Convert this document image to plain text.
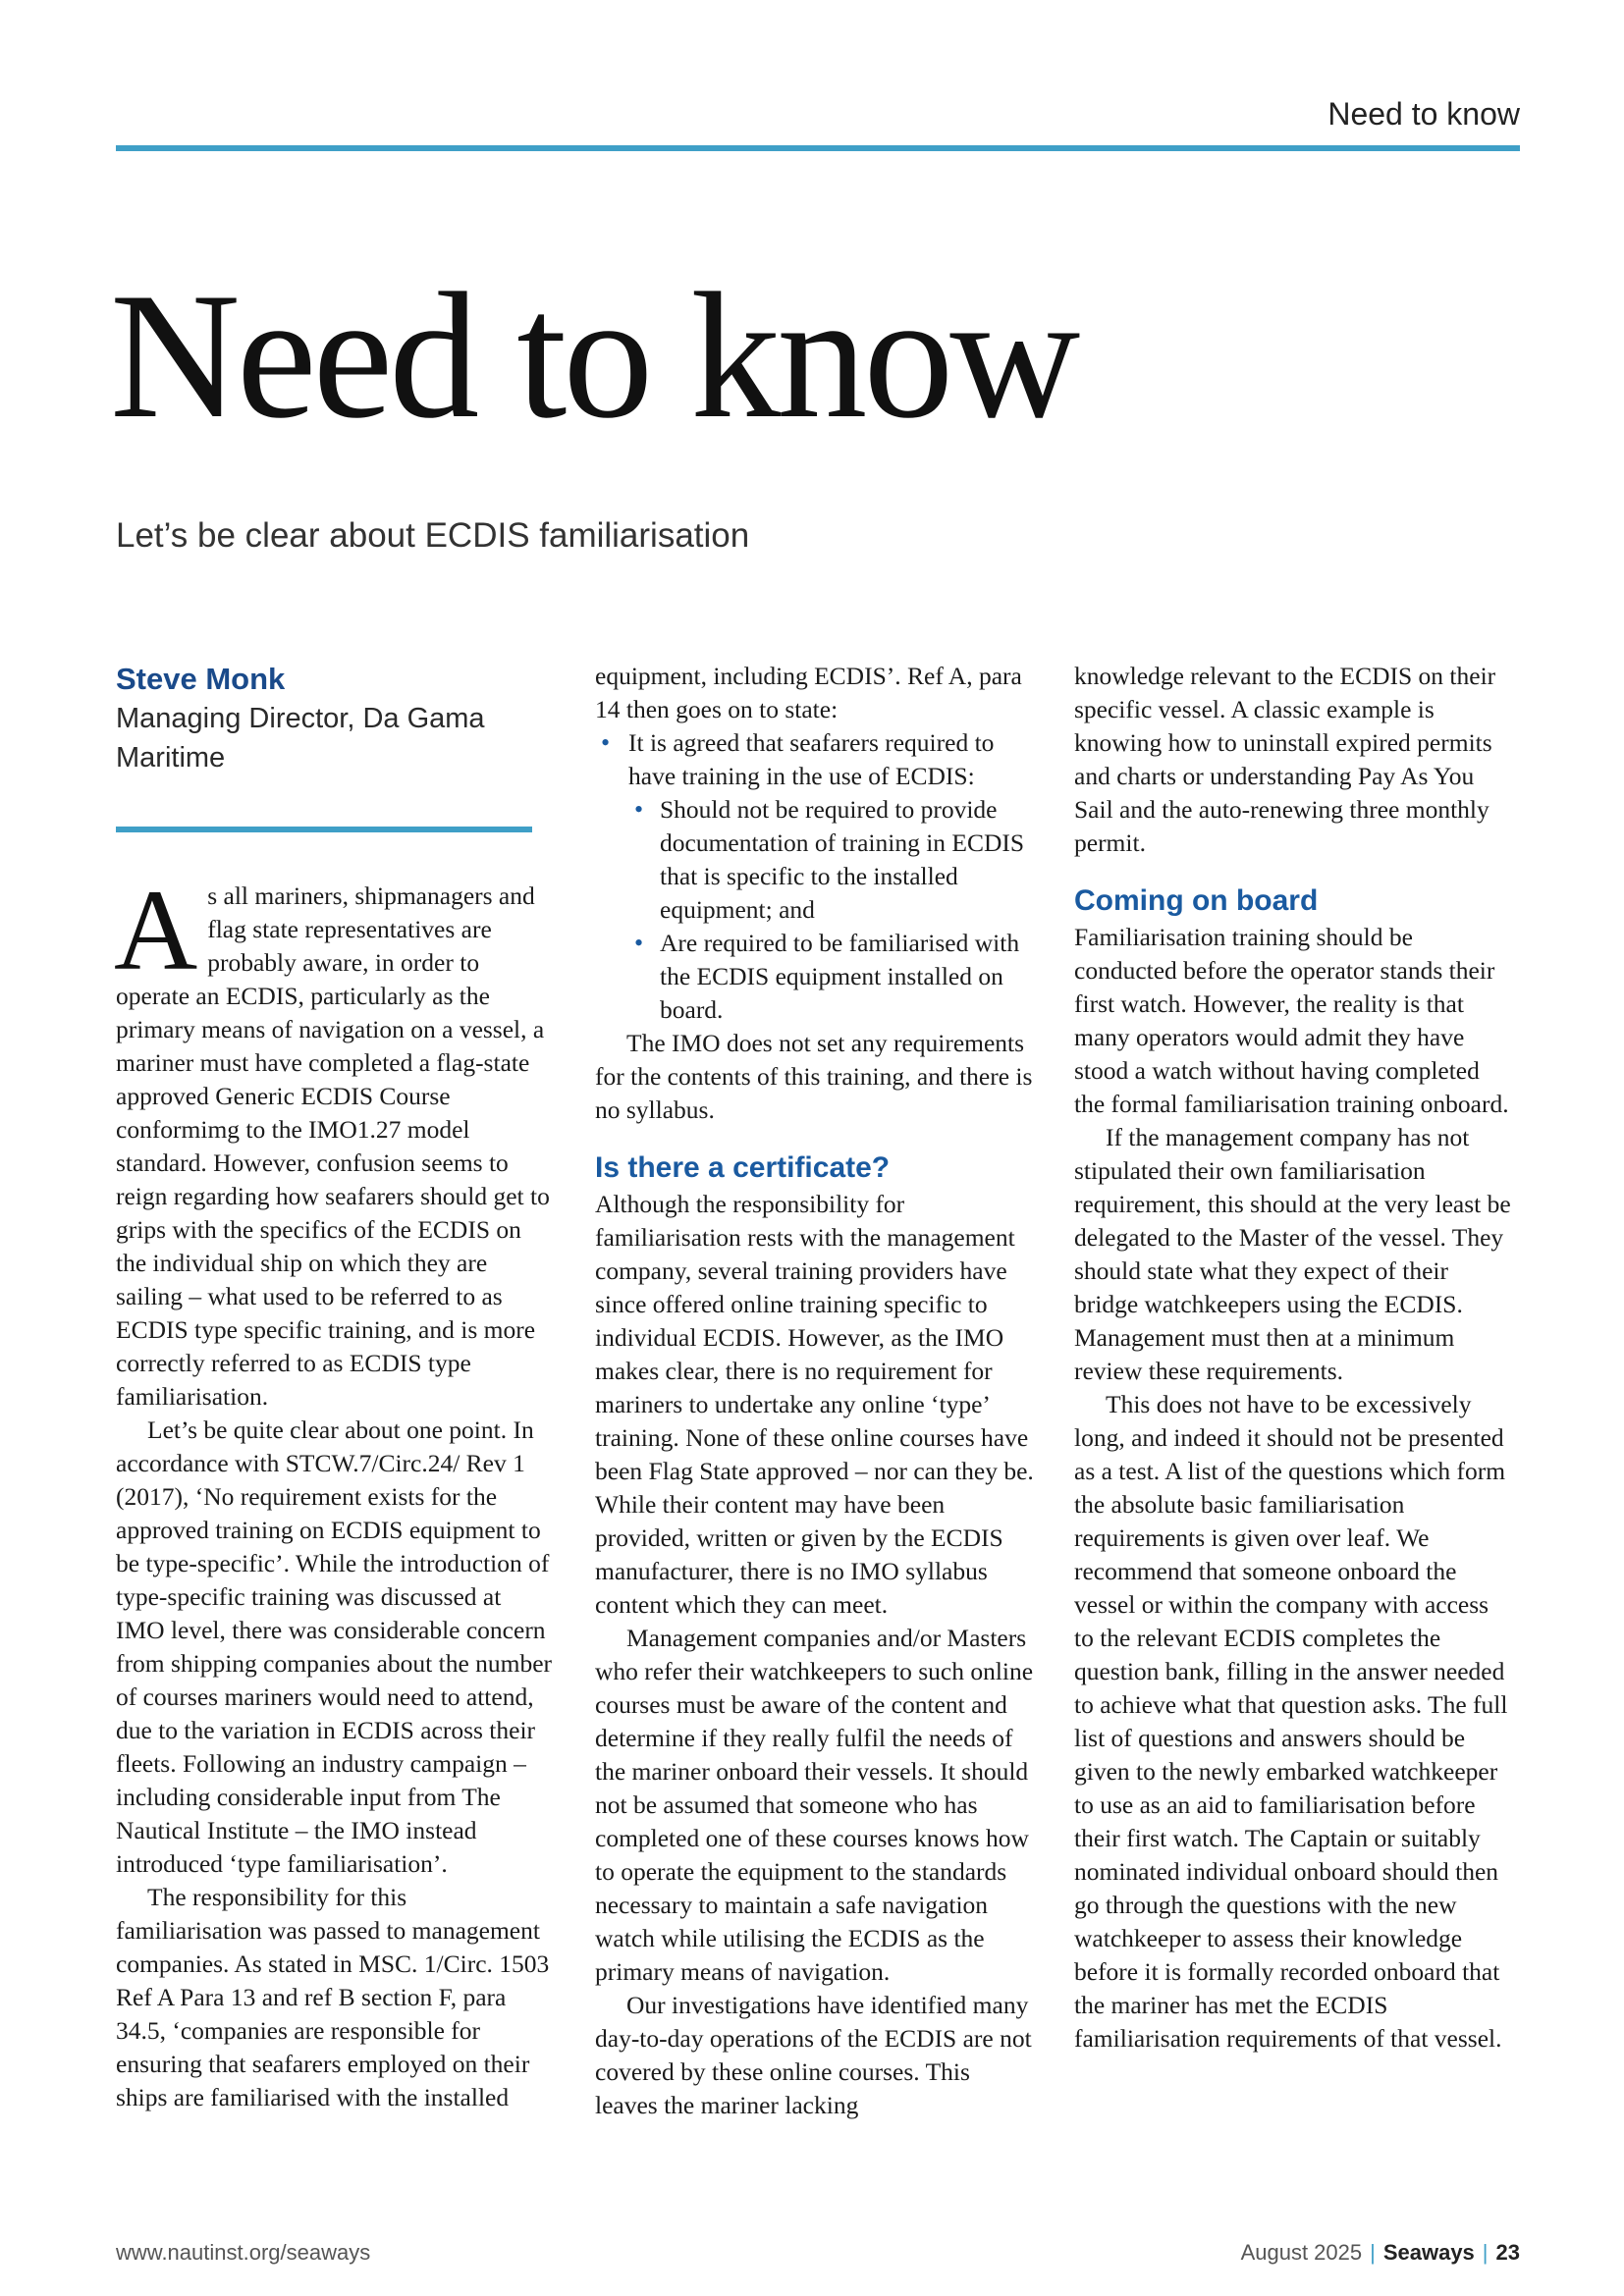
Need to know
Need to know
Let’s be clear about ECDIS familiarisation

Steve Monk

Managing Director, Da Gama Maritime

As all mariners, shipmanagers and flag state representatives are probably aware, in order to operate an ECDIS, particularly as the primary means of navigation on a vessel, a mariner must have completed a flag-state approved Generic ECDIS Course conformimg to the IMO1.27 model standard. However, confusion seems to reign regarding how seafarers should get to grips with the specifics of the ECDIS on the individual ship on which they are sailing – what used to be referred to as ECDIS type specific training, and is more correctly referred to as ECDIS type familiarisation.

Let’s be quite clear about one point. In accordance with STCW.7/Circ.24/ Rev 1 (2017), ‘No requirement exists for the approved training on ECDIS equipment to be type-specific’. While the introduction of type-specific training was discussed at IMO level, there was considerable concern from shipping companies about the number of courses mariners would need to attend, due to the variation in ECDIS across their fleets. Following an industry campaign – including considerable input from The Nautical Institute – the IMO instead introduced ‘type familiarisation’.

The responsibility for this familiarisation was passed to management companies. As stated in MSC. 1/Circ. 1503 Ref A Para 13 and ref B section F, para 34.5, ‘companies are responsible for ensuring that seafarers employed on their ships are familiarised with the installed

equipment, including ECDIS’. Ref A, para 14 then goes on to state:

• It is agreed that seafarers required to have training in the use of ECDIS:
• Should not be required to provide documentation of training in ECDIS that is specific to the installed equipment; and
• Are required to be familiarised with the ECDIS equipment installed on board.

The IMO does not set any requirements for the contents of this training, and there is no syllabus.

Is there a certificate?

Although the responsibility for familiarisation rests with the management company, several training providers have since offered online training specific to individual ECDIS. However, as the IMO makes clear, there is no requirement for mariners to undertake any online ‘type’ training. None of these online courses have been Flag State approved – nor can they be. While their content may have been provided, written or given by the ECDIS manufacturer, there is no IMO syllabus content which they can meet.

Management companies and/or Masters who refer their watchkeepers to such online courses must be aware of the content and determine if they really fulfil the needs of the mariner onboard their vessels. It should not be assumed that someone who has completed one of these courses knows how to operate the equipment to the standards necessary to maintain a safe navigation watch while utilising the ECDIS as the primary means of navigation.

Our investigations have identified many day-to-day operations of the ECDIS are not covered by these online courses. This leaves the mariner lacking

knowledge relevant to the ECDIS on their specific vessel. A classic example is knowing how to uninstall expired permits and charts or understanding Pay As You Sail and the auto-renewing three monthly permit.

Coming on board

Familiarisation training should be conducted before the operator stands their first watch. However, the reality is that many operators would admit they have stood a watch without having completed the formal familiarisation training onboard.

If the management company has not stipulated their own familiarisation requirement, this should at the very least be delegated to the Master of the vessel. They should state what they expect of their bridge watchkeepers using the ECDIS. Management must then at a minimum review these requirements.

This does not have to be excessively long, and indeed it should not be presented as a test. A list of the questions which form the absolute basic familiarisation requirements is given over leaf. We recommend that someone onboard the vessel or within the company with access to the relevant ECDIS completes the question bank, filling in the answer needed to achieve what that question asks. The full list of questions and answers should be given to the newly embarked watchkeeper to use as an aid to familiarisation before their first watch. The Captain or suitably nominated individual onboard should then go through the questions with the new watchkeeper to assess their knowledge before it is formally recorded onboard that the mariner has met the ECDIS familiarisation requirements of that vessel.

www.nautinst.org/seaways	August 2025 | Seaways | 23
